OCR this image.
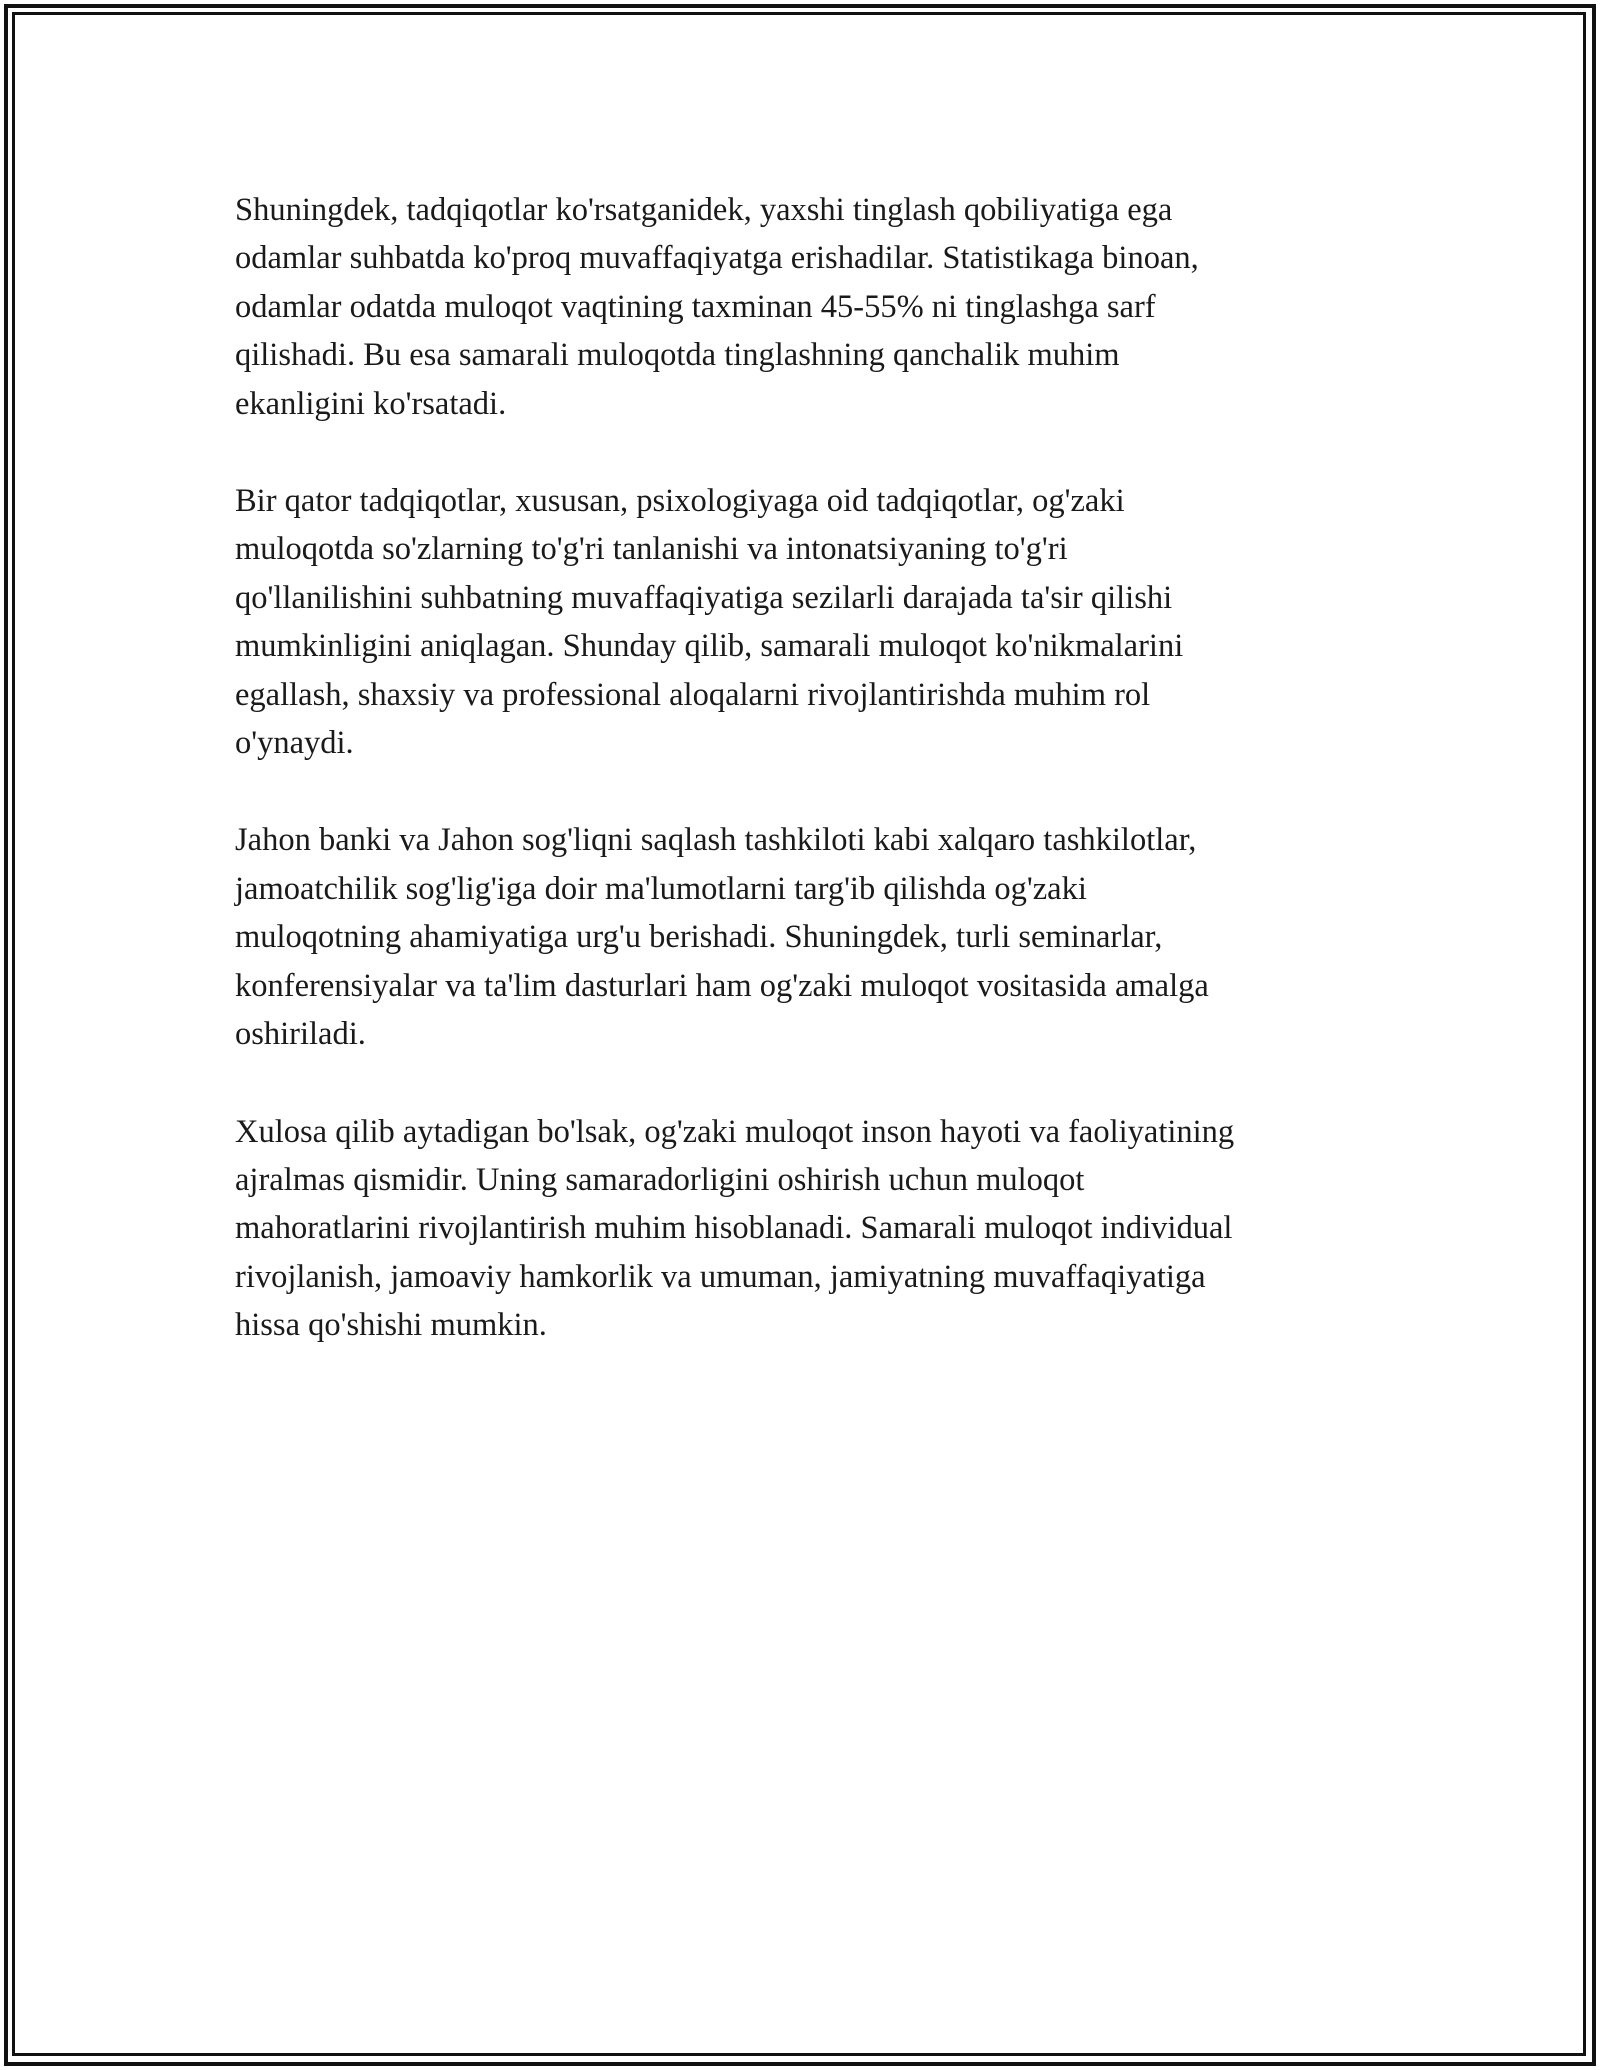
Shuningdek, tadqiqotlar ko'rsatganidek, yaxshi tinglash qobiliyatiga ega
odamlar suhbatda ko'proq muvaffaqiyatga erishadilar. Statistikaga binoan,
odamlar odatda muloqot vaqtining taxminan 45-55% ni tinglashga sarf
qilishadi. Bu esa samarali muloqotda tinglashning qanchalik muhim
ekanligini ko'rsatadi.

Bir qator tadqiqotlar, xususan, psixologiyaga oid tadqiqotlar, og'zaki
muloqotda so'zlarning to'g'ri tanlanishi va intonatsiyaning to'g'ri
qo'llanilishini suhbatning muvaffaqiyatiga sezilarli darajada ta'sir qilishi
mumkinligini aniqlagan. Shunday qilib, samarali muloqot ko'nikmalarini
egallash, shaxsiy va professional aloqalarni rivojlantirishda muhim rol
o'ynaydi.

Jahon banki va Jahon sog'liqni saqlash tashkiloti kabi xalqaro tashkilotlar,
jamoatchilik sog'lig'iga doir ma'lumotlarni targ'ib qilishda og'zaki
muloqotning ahamiyatiga urg'u berishadi. Shuningdek, turli seminarlar,
konferensiyalar va ta'lim dasturlari ham og'zaki muloqot vositasida amalga
oshiriladi.

Xulosa qilib aytadigan bo'lsak, og'zaki muloqot inson hayoti va faoliyatining
ajralmas qismidir. Uning samaradorligini oshirish uchun muloqot
mahoratlarini rivojlantirish muhim hisoblanadi. Samarali muloqot individual
rivojlanish, jamoaviy hamkorlik va umuman, jamiyatning muvaffaqiyatiga
hissa qo'shishi mumkin.
